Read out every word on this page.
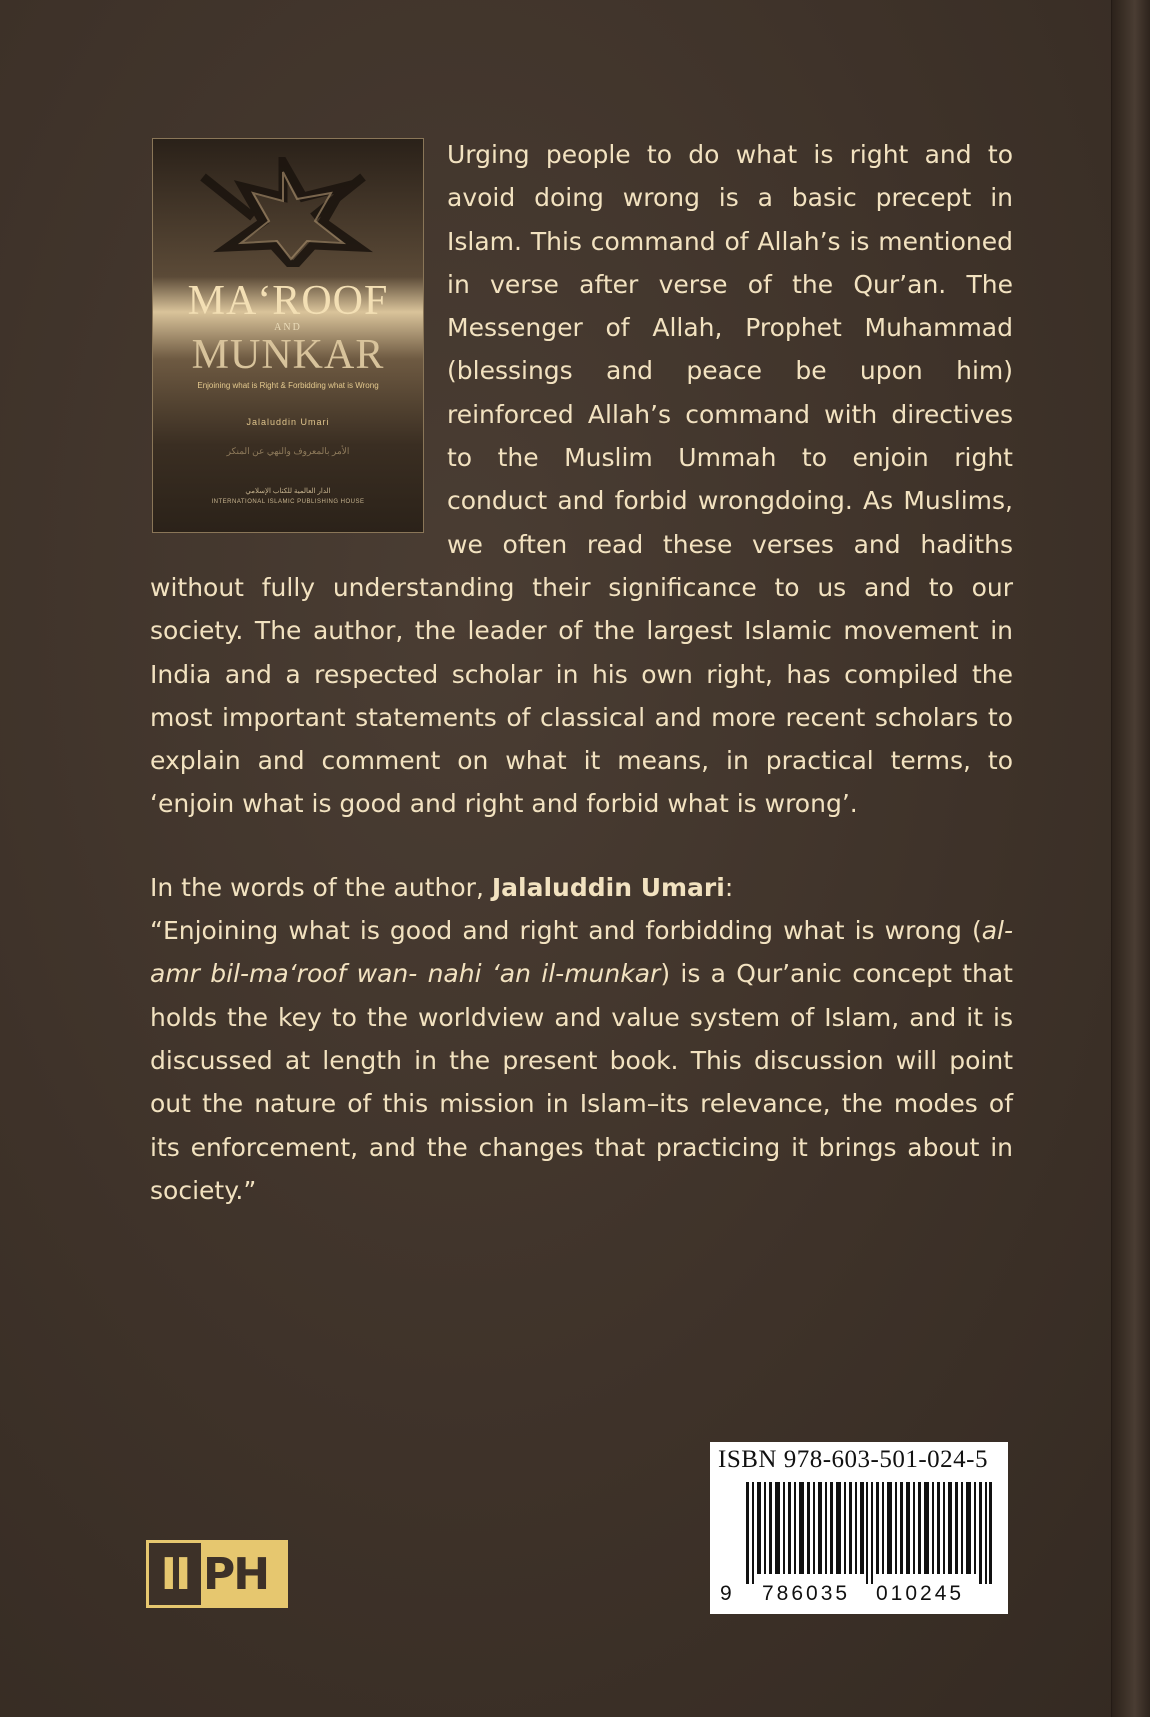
MA‘ROOF
AND
MUNKAR
Enjoining what is Right & Forbidding what is Wrong
Jalaluddin Umari
الأمر بالمعروف والنهي عن المنكر
الدار العالمية للكتاب الإسلامي
INTERNATIONAL ISLAMIC PUBLISHING HOUSE
Urging people to do what is right and to avoid doing wrong is a basic precept in Islam. This command of Allah’s is mentioned in verse after verse of the Qur’an. The Messenger of Allah, Prophet Muhammad (blessings and peace be upon him) reinforced Allah’s command with directives to the Muslim Ummah to enjoin right conduct and forbid wrongdoing. As Muslims, we often read these verses and hadiths without fully understanding their significance to us and to our society. The author, the leader of the largest Islamic movement in India and a respected scholar in his own right, has compiled the most important statements of classical and more recent scholars to explain and comment on what it means, in practical terms, to ‘enjoin what is good and right and forbid what is wrong’.
In the words of the author, Jalaluddin Umari:
“Enjoining what is good and right and forbidding what is wrong (al-amr bil-ma‘roof wan- nahi ‘an il-munkar) is a Qur’anic concept that holds the key to the worldview and value system of Islam, and it is discussed at length in the present book. This discussion will point out the nature of this mission in Islam–its relevance, the modes of its enforcement, and the changes that practicing it brings about in society.”
II PH
ISBN 978-603-501-024-5
9 786035 010245
